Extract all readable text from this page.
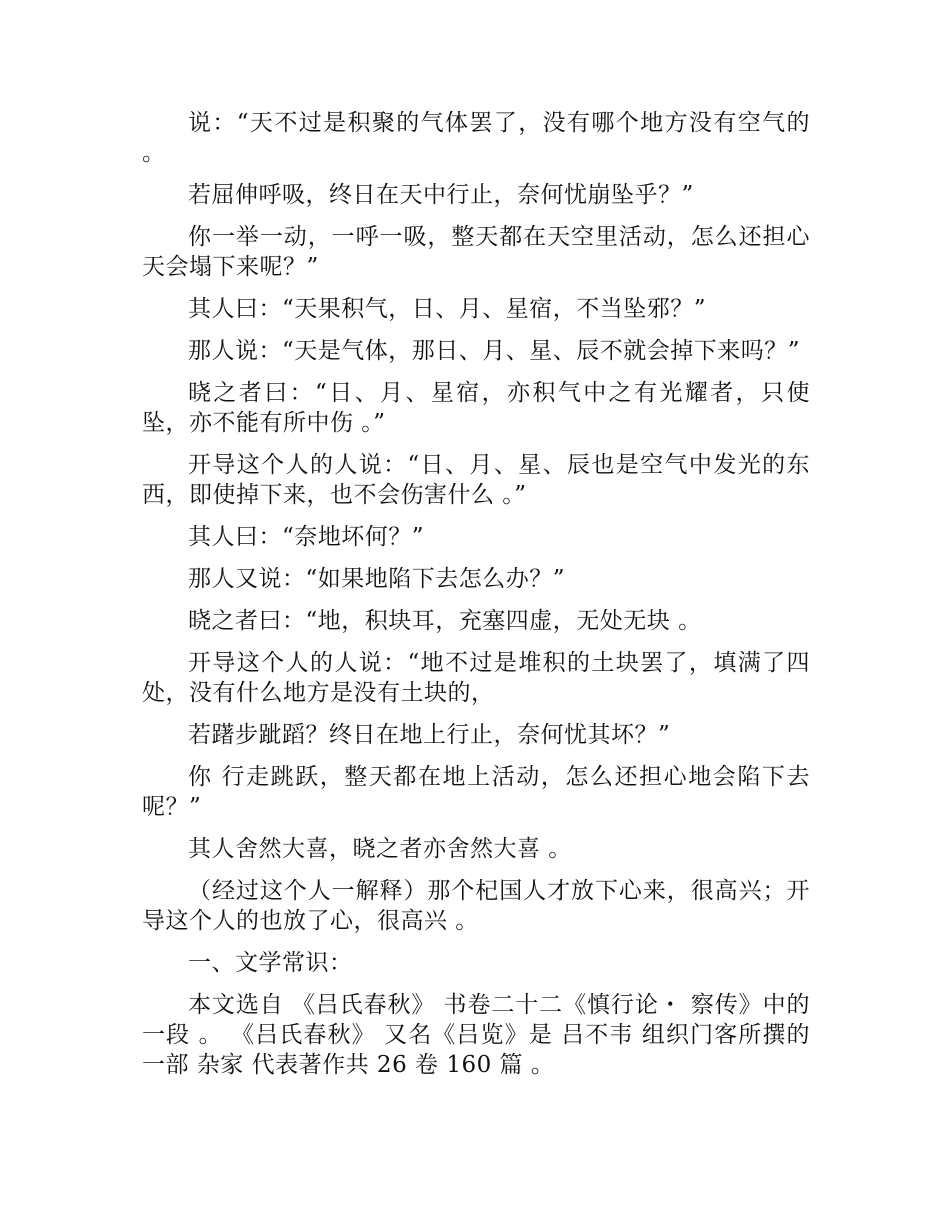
说：“天不过是积聚的气体罢了，没有哪个地方没有空气的 。

若屈伸呼吸，终日在天中行止，奈何忧崩坠乎？”

你一举一动，一呼一吸，整天都在天空里活动，怎么还担心天会塌下来呢？”

其人曰：“天果积气，日、月、星宿，不当坠邪？”

那人说：“天是气体，那日、月、星、辰不就会掉下来吗？”

晓之者曰：“日、月、星宿，亦积气中之有光耀者，只使坠，亦不能有所中伤 。”

开导这个人的人说：“日、月、星、辰也是空气中发光的东西，即使掉下来，也不会伤害什么 。”

其人曰：“奈地坏何？”

那人又说：“如果地陷下去怎么办？”

晓之者曰：“地，积块耳，充塞四虚，无处无块 。

开导这个人的人说：“地不过是堆积的土块罢了，填满了四处，没有什么地方是没有土块的，

若躇步跐蹈？终日在地上行止，奈何忧其坏？”

你 行走跳跃，整天都在地上活动，怎么还担心地会陷下去呢？”

其人舍然大喜，晓之者亦舍然大喜 。

（经过这个人一解释）那个杞国人才放下心来，很高兴；开导这个人的也放了心，很高兴 。

一、文学常识：

本文选自 《吕氏春秋》 书卷二十二《慎行论・ 察传》中的一段 。 《吕氏春秋》 又名《吕览》是 吕不韦 组织门客所撰的一部 杂家 代表著作共 26 卷 160 篇 。
